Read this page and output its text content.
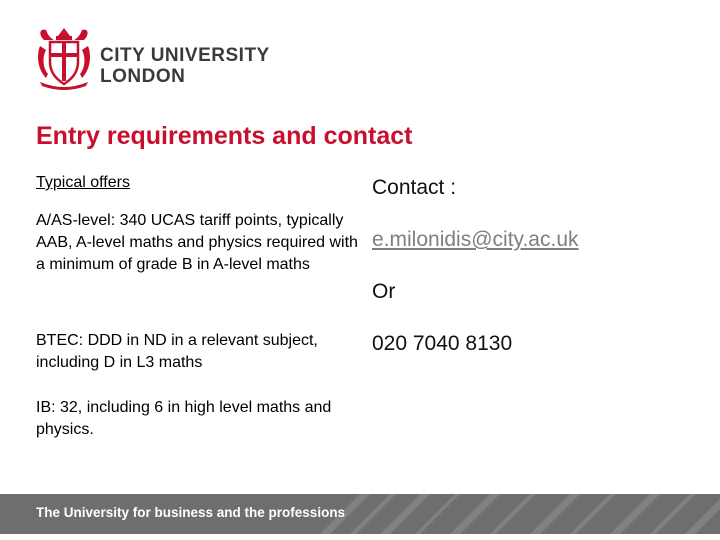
CITY UNIVERSITY
LONDON
Entry requirements and contact

Typical offers

A/AS-level: 340 UCAS tariff points, typically AAB, A-level maths and physics required with a minimum of grade B in A-level maths

BTEC: DDD in ND in a relevant subject, including D in L3 maths

IB: 32, including 6 in high level maths and physics.

Contact :
e.milonidis@city.ac.uk
Or
020 7040 8130
The University for business and the professions
